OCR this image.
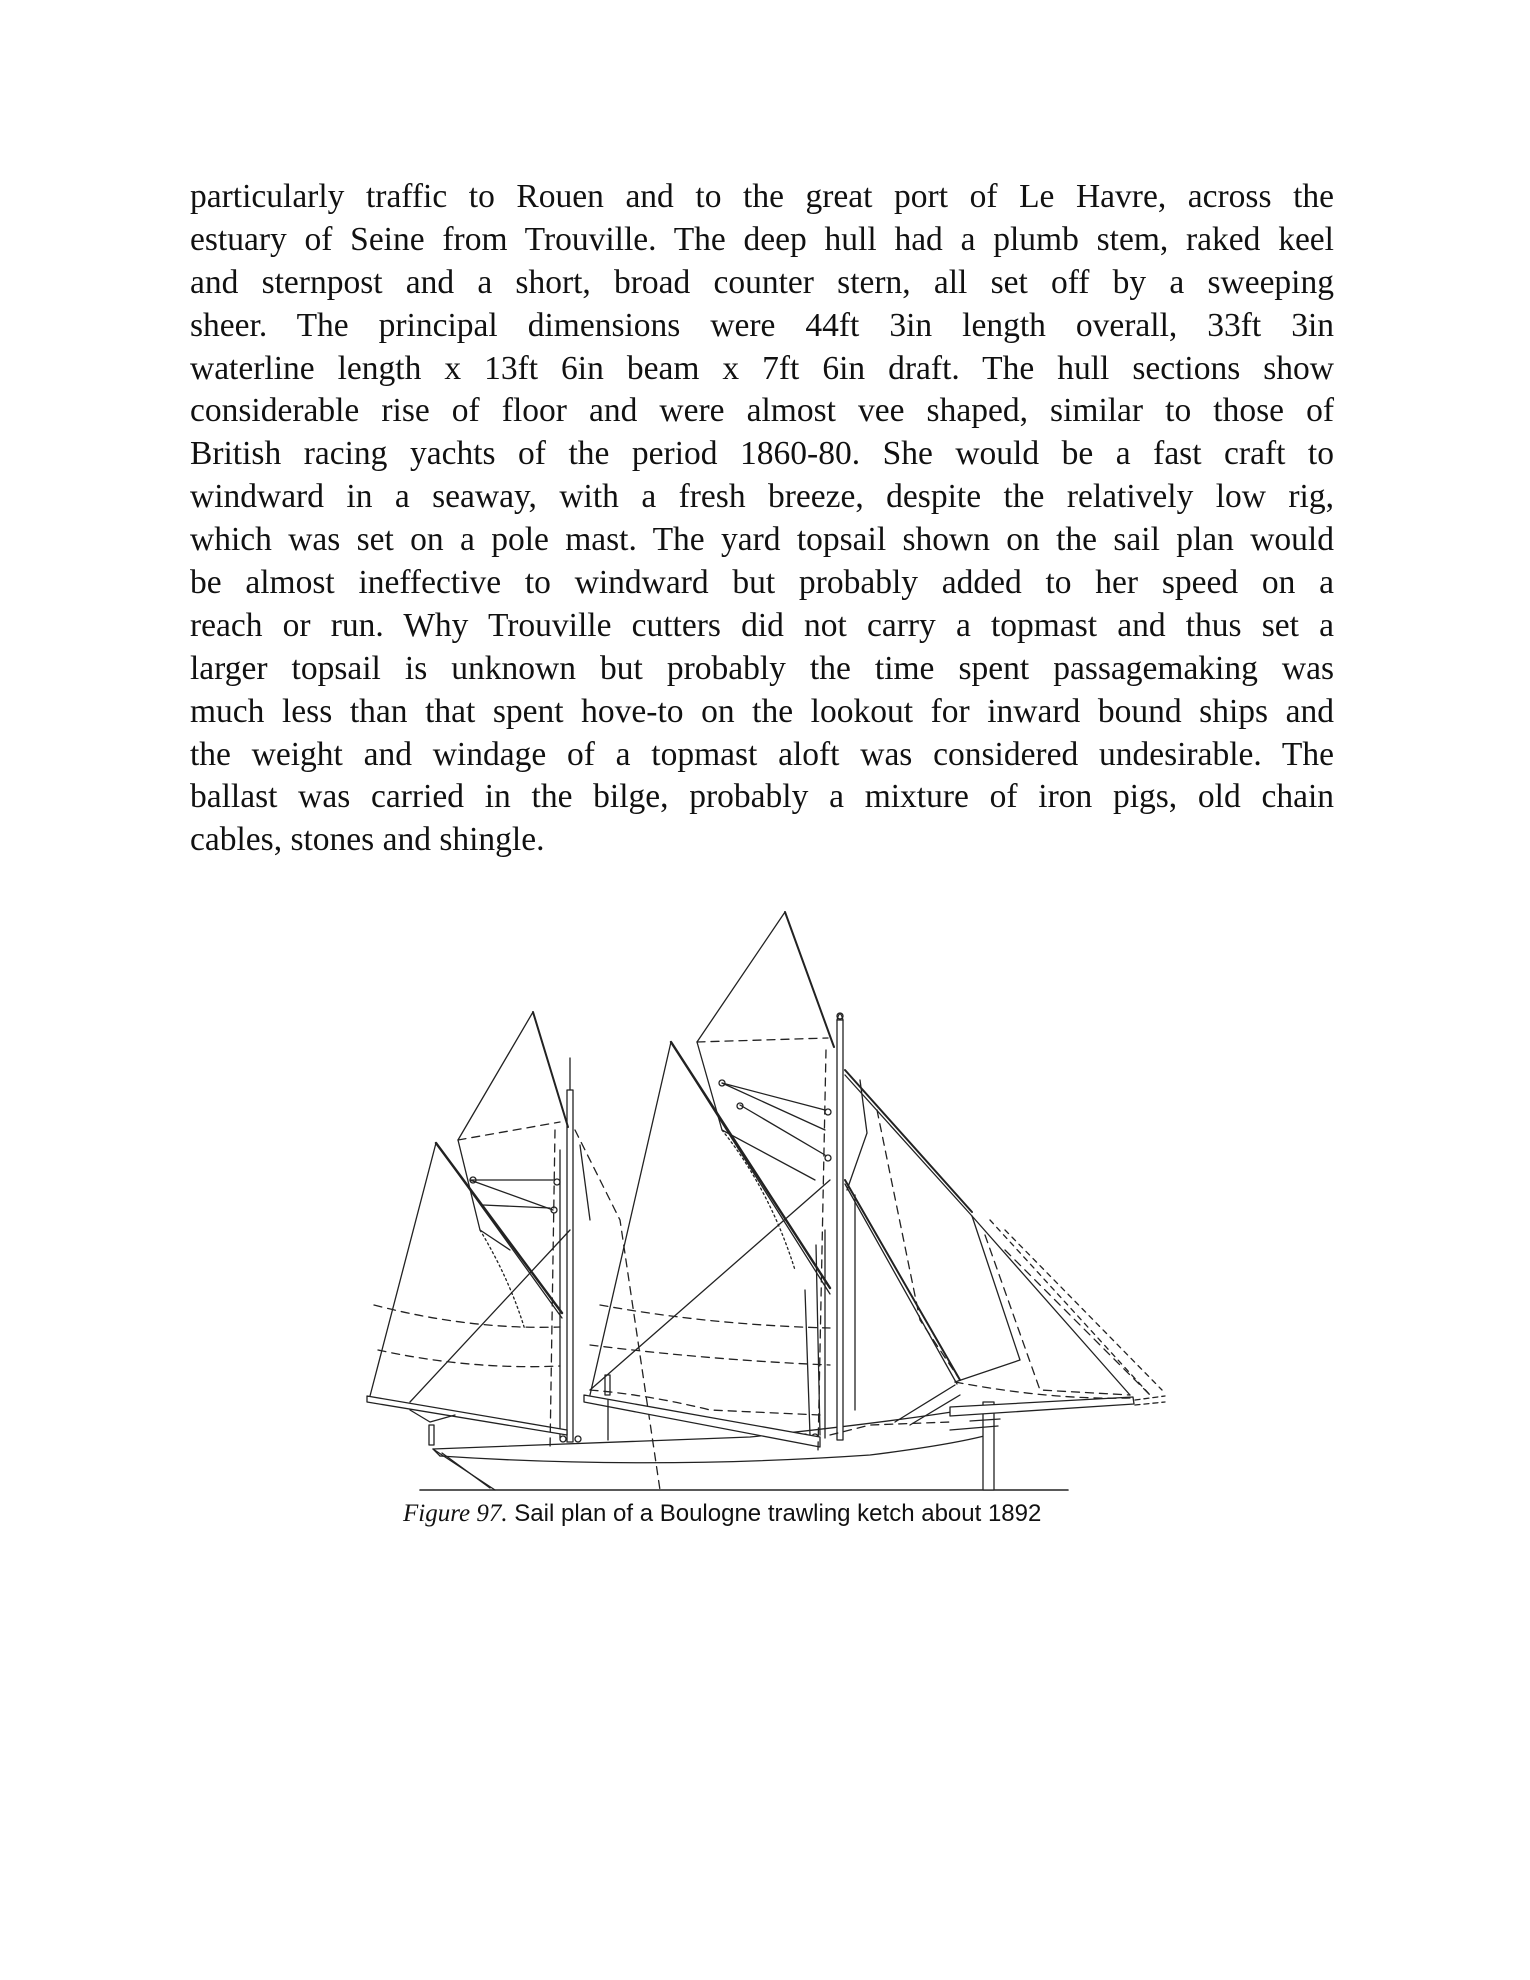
particularly traffic to Rouen and to the great port of Le Havre, across the
estuary of Seine from Trouville. The deep hull had a plumb stem, raked keel
and sternpost and a short, broad counter stern, all set off by a sweeping
sheer. The principal dimensions were 44ft 3in length overall, 33ft 3in
waterline length x 13ft 6in beam x 7ft 6in draft. The hull sections show
considerable rise of floor and were almost vee shaped, similar to those of
British racing yachts of the period 1860-80. She would be a fast craft to
windward in a seaway, with a fresh breeze, despite the relatively low rig,
which was set on a pole mast. The yard topsail shown on the sail plan would
be almost ineffective to windward but probably added to her speed on a
reach or run. Why Trouville cutters did not carry a topmast and thus set a
larger topsail is unknown but probably the time spent passagemaking was
much less than that spent hove-to on the lookout for inward bound ships and
the weight and windage of a topmast aloft was considered undesirable. The
ballast was carried in the bilge, probably a mixture of iron pigs, old chain
cables, stones and shingle.
Figure 97. Sail plan of a Boulogne trawling ketch about 1892
